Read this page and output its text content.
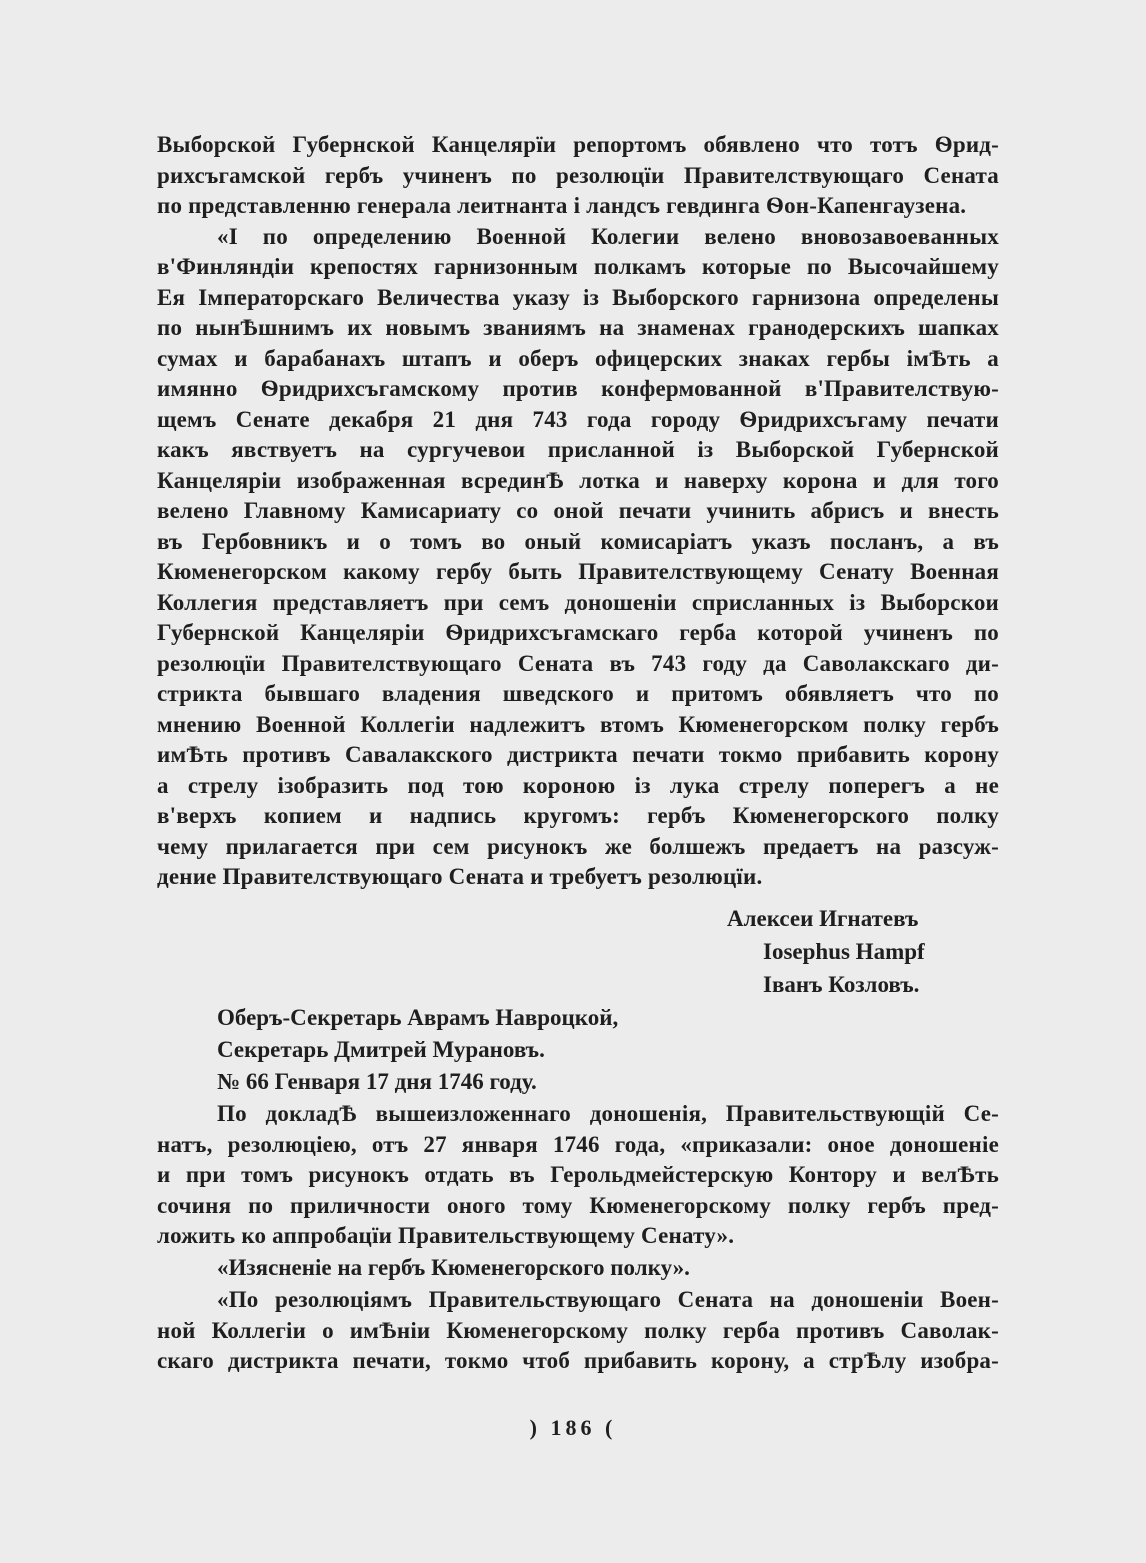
Выборской Губернской Канцелярїи репортомъ обявлено что тотъ Ѳрид-
рихсъгамской гербъ учиненъ по резолюцїи Правителствующаго Сената
по представленню генерала леитнанта і ландсъ гевдинга Ѳон-Капенгаузена.
«І по определению Военной Колегии велено вновозавоеванных
в'Финляндіи крепостях гарнизонным полкамъ которые по Высочайшему
Ея Імператорскаго Величества указу із Выборского гарнизона определены
по нынѢшнимъ их новымъ званиямъ на знаменах гранодерскихъ шапках
сумах и барабанахъ штапъ и оберъ офицерских знаках гербы імѢть а
имянно Ѳридрихсъгамскому против конфермованной в'Правителствую-
щемъ Сенате декабря 21 дня 743 года городу Ѳридрихсъгаму печати
какъ явствуетъ на сургучевои присланной із Выборской Губернской
Канцеляріи изображенная всрединѢ лотка и наверху корона и для того
велено Главному Камисариату со оной печати учинить абрисъ и внесть
въ Гербовникъ и о томъ во оный комисаріатъ указъ посланъ, а въ
Кюменегорском какому гербу быть Правителствующему Сенату Военная
Коллегия представляетъ при семъ доношеніи сприсланных із Выборскои
Губернской Канцеляріи Ѳридрихсъгамскаго герба которой учиненъ по
резолюцїи Правителствующаго Сената въ 743 году да Саволакскаго ди-
стрикта бывшаго владения шведского и притомъ обявляетъ что по
мнению Военной Коллегіи надлежитъ втомъ Кюменегорском полку гербъ
имѢть противъ Савалакского дистрикта печати токмо прибавить корону
а стрелу ізобразить под тою короною із лука стрелу поперегъ а не
в'верхъ копием и надпись кругомъ: гербъ Кюменегорского полку
чему прилагается при сем рисунокъ же болшежъ предаетъ на разсуж-
дение Правителствующаго Сената и требуетъ резолюцїи.
Алексеи Игнатевъ
Iosephus Hampf
Іванъ Козловъ.
Оберъ-Секретарь Аврамъ Навроцкой,
Секретарь Дмитрей Мурановъ.
№ 66 Генваря 17 дня 1746 году.
По докладѢ вышеизложеннаго доношенія, Правительствующій Се-
натъ, резолюціею, отъ 27 января 1746 года, «приказали: оное доношеніе
и при томъ рисунокъ отдать въ Герольдмейстерскую Контору и велѢть
сочиня по приличности оного тому Кюменегорскому полку гербъ пред-
ложить ко аппробацїи Правительствующему Сенату».
«Изясненіе на гербъ Кюменегорского полку».
«По резолюціямъ Правительствующаго Сената на доношеніи Воен-
ной Коллегіи о имѢніи Кюменегорскому полку герба противъ Саволак-
скаго дистрикта печати, токмо чтоб прибавить корону, а стрѢлу изобра-
) 186 (
